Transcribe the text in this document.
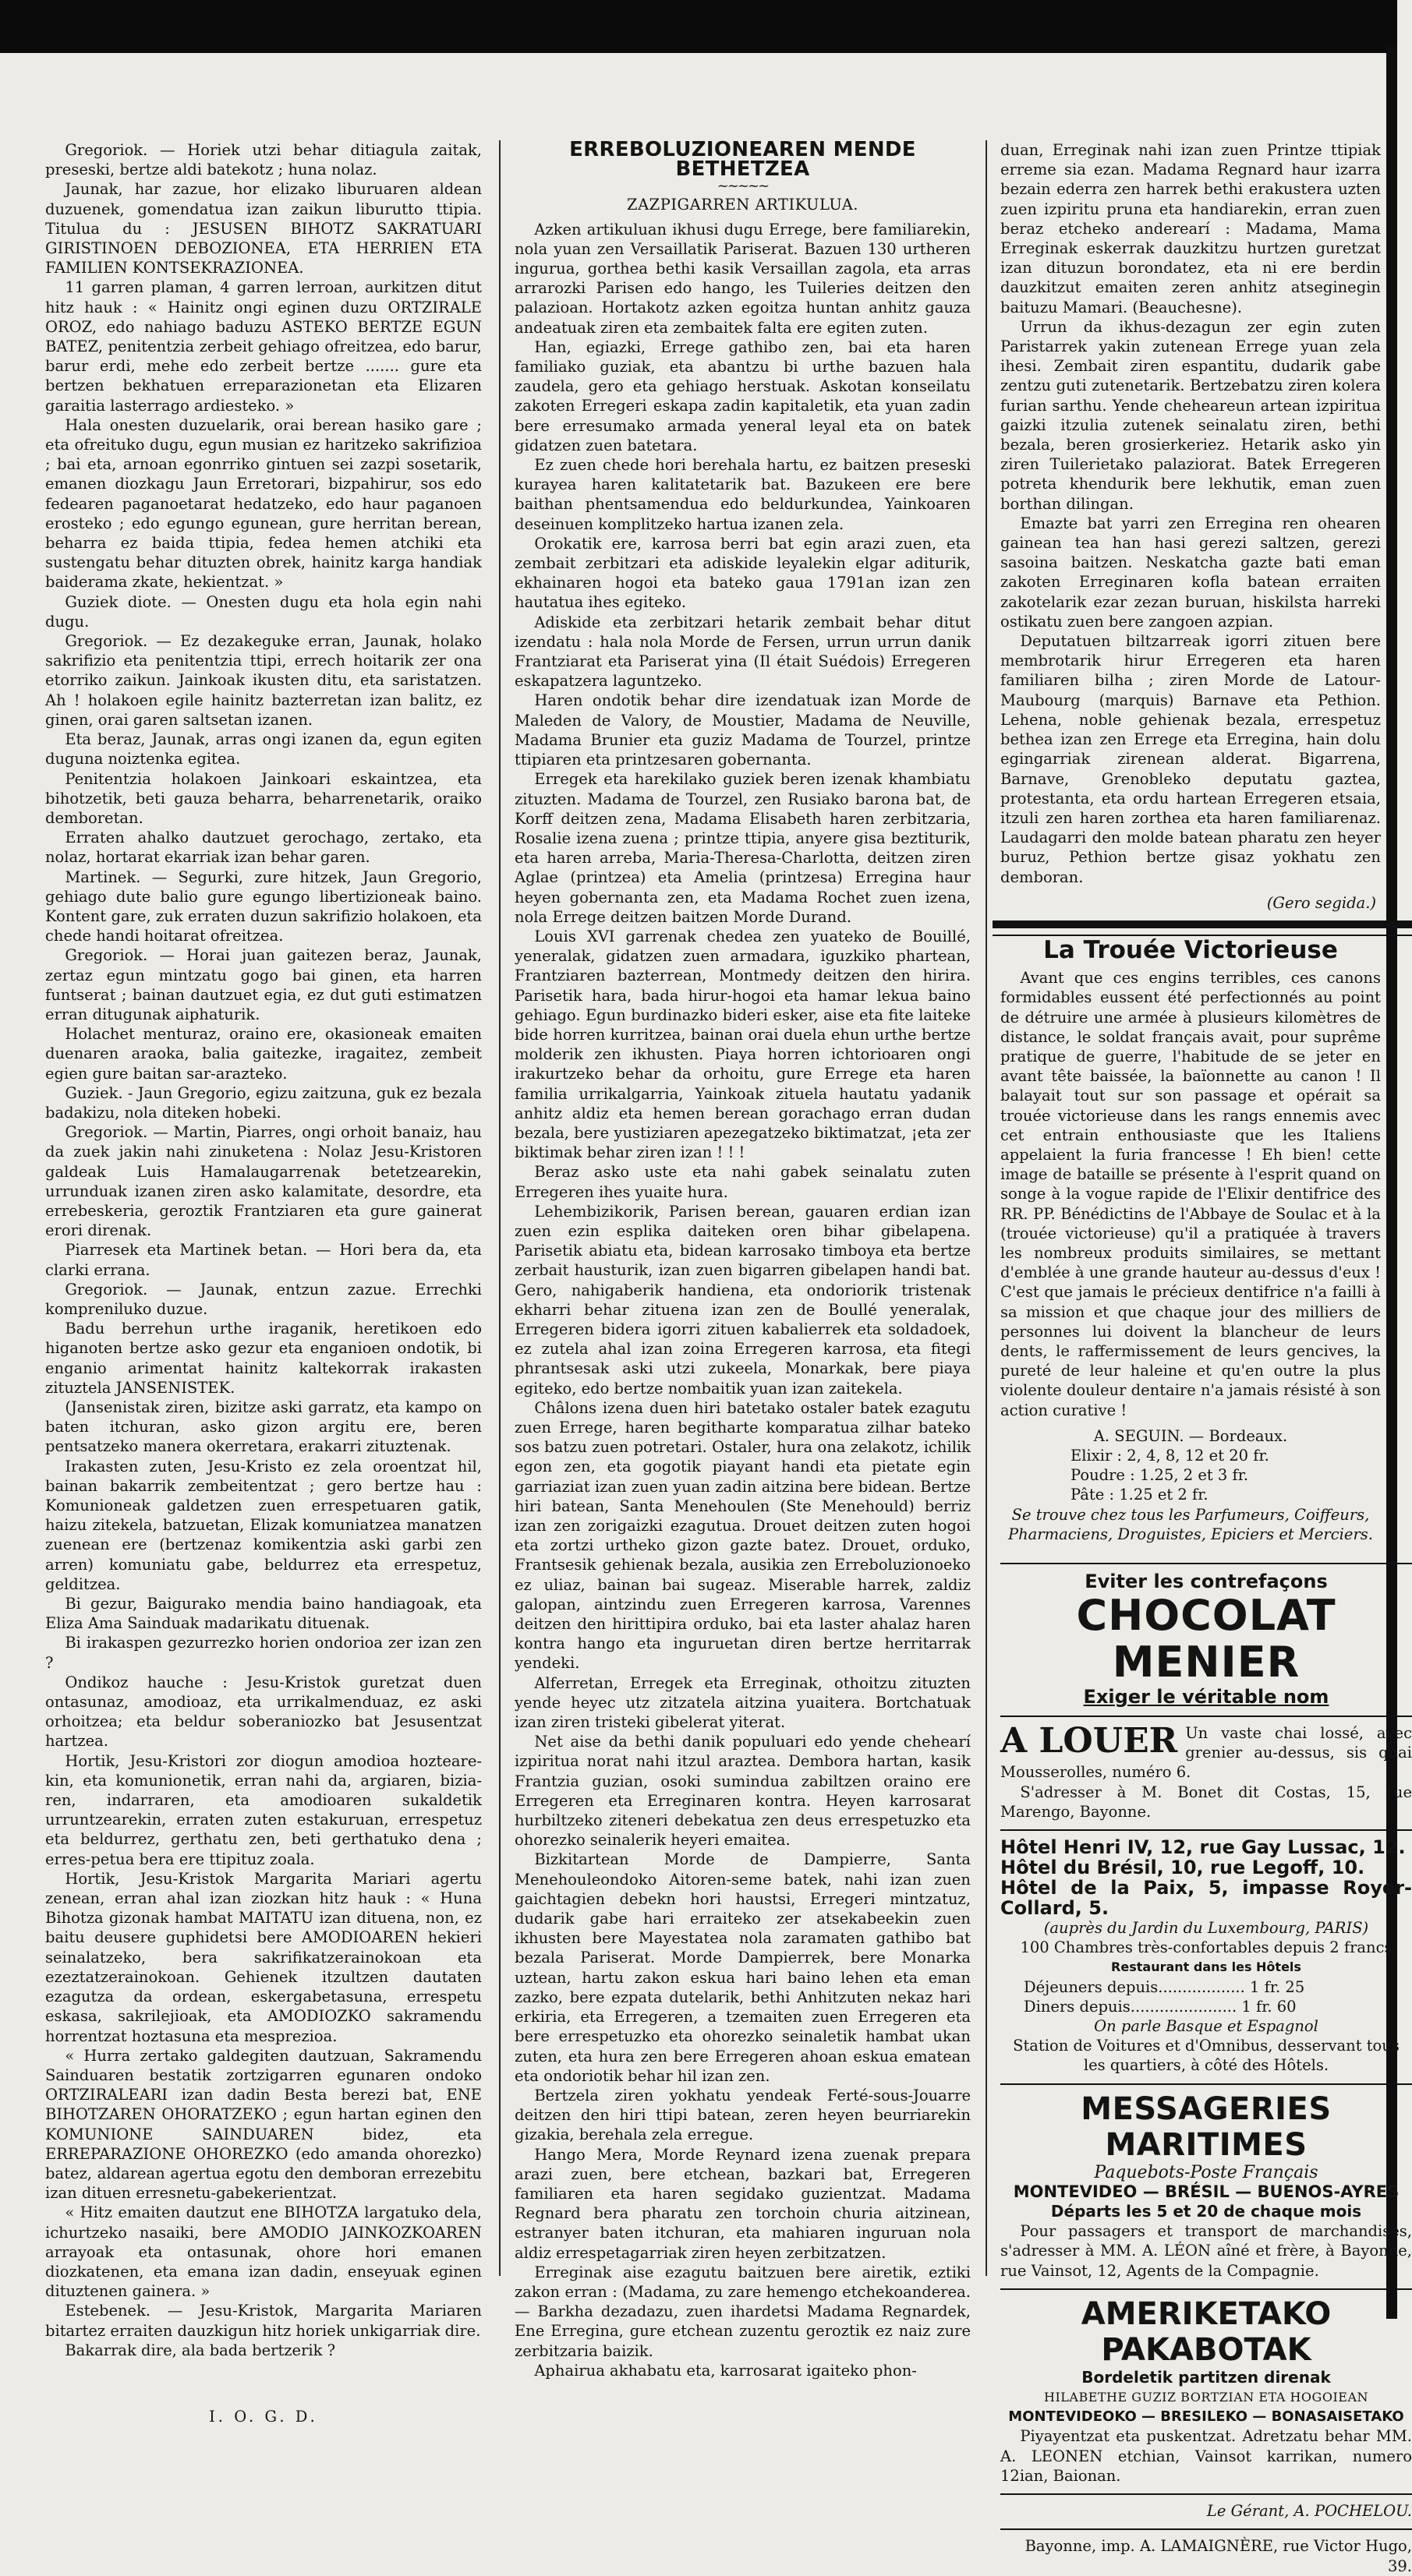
Gregoriok. — Horiek utzi behar ditiagula zaitak, preseski, bertze aldi batekotz ; huna nolaz.

Jaunak, har zazue, hor elizako liburuaren aldean duzuenek, gomendatua izan zaikun liburutto ttipia. Titulua du : JESUSEN BIHOTZ SAKRATUARI GIRISTINOEN DEBOZIONEA, ETA HERRIEN ETA FAMILIEN KONTSEKRAZIONEA.

11 garren plaman, 4 garren lerroan, aurkitzen ditut hitz hauk : « Hainitz ongi eginen duzu ORTZIRALE OROZ, edo nahiago baduzu ASTEKO BERTZE EGUN BATEZ, penitentzia zerbeit gehiago ofreitzea, edo barur, barur erdi, mehe edo zerbeit bertze ....... gure eta bertzen bekhatuen erreparazionetan eta Elizaren garaitia lasterrago ardiesteko. »

Hala onesten duzuelarik, orai berean hasiko gare ; eta ofreituko dugu, egun musian ez haritzeko sakrifizioa ; bai eta, arnoan egonrriko gintuen sei zazpi sosetarik, emanen diozkagu Jaun Erretorari, bizpahirur, sos edo fedearen paganoetarat hedatzeko, edo haur paganoen erosteko ; edo egungo egunean, gure herritan berean, beharra ez baida ttipia, fedea hemen atchiki eta sustengatu behar dituzten obrek, hainitz karga handiak baiderama zkate, hekientzat. »

Guziek diote. — Onesten dugu eta hola egin nahi dugu.

Gregoriok. — Ez dezakeguke erran, Jaunak, holako sakrifizio eta penitentzia ttipi, errech hoitarik zer ona etorriko zaikun. Jainkoak ikusten ditu, eta saristatzen. Ah ! holakoen egile hainitz bazterretan izan balitz, ez ginen, orai garen saltsetan izanen.

Eta beraz, Jaunak, arras ongi izanen da, egun egiten duguna noiztenka egitea.

Penitentzia holakoen Jainkoari eskaintzea, eta bihotzetik, beti gauza beharra, beharrenetarik, oraiko demboretan.

Erraten ahalko dautzuet gerochago, zertako, eta nolaz, hortarat ekarriak izan behar garen.

Martinek. — Segurki, zure hitzek, Jaun Gregorio, gehiago dute balio gure egungo libertizioneak baino. Kontent gare, zuk erraten duzun sakrifizio holakoen, eta chede handi hoitarat ofreitzea.

Gregoriok. — Horai juan gaitezen beraz, Jaunak, zertaz egun mintzatu gogo bai ginen, eta harren funtserat ; bainan dautzuet egia, ez dut guti estimatzen erran ditugunak aiphaturik.

Holachet menturaz, oraino ere, okasioneak emaiten duenaren araoka, balia gaitezke, iragaitez, zembeit egien gure baitan sar-arazteko.

Guziek. - Jaun Gregorio, egizu zaitzuna, guk ez bezala badakizu, nola diteken hobeki.

Gregoriok. — Martin, Piarres, ongi orhoit banaiz, hau da zuek jakin nahi zinuketena : Nolaz Jesu-Kristoren galdeak Luis Hamalaugarrenak betetzearekin, urrunduak izanen ziren asko kalamitate, desordre, eta errebeskeria, geroztik Frantziaren eta gure gainerat erori direnak.

Piarresek eta Martinek betan. — Hori bera da, eta clarki errana.

Gregoriok. — Jaunak, entzun zazue. Errechki kompreniluko duzue.

Badu berrehun urthe iraganik, heretikoen edo higanoten bertze asko gezur eta enganioen ondotik, bi enganio arimentat hainitz kaltekorrak irakasten zituztela JANSENISTEK.

(Jansenistak ziren, bizitze aski garratz, eta kampo on baten itchuran, asko gizon argitu ere, beren pentsatzeko manera okerretara, erakarri zituztenak.

Irakasten zuten, Jesu-Kristo ez zela oroentzat hil, bainan bakarrik zembeitentzat ; gero bertze hau : Komunioneak galdetzen zuen errespetuaren gatik, haizu zitekela, batzuetan, Elizak komuniatzea manatzen zuenean ere (bertzenaz komikentzia aski garbi zen arren) komuniatu gabe, beldurrez eta errespetuz, gelditzea.

Bi gezur, Baigurako mendia baino handiagoak, eta Eliza Ama Sainduak madarikatu dituenak.

Bi irakaspen gezurrezko horien ondorioa zer izan zen ?

Ondikoz hauche : Jesu-Kristok guretzat duen ontasunaz, amodioaz, eta urrikalmenduaz, ez aski orhoitzea; eta beldur soberaniozko bat Jesusentzat hartzea.

Hortik, Jesu-Kristori zor diogun amodioa hozteare-kin, eta komunionetik, erran nahi da, argiaren, bizia-ren, indarraren, eta amodioaren sukaldetik urruntzearekin, erraten zuten estakuruan, errespetuz eta beldurrez, gerthatu zen, beti gerthatuko dena ; erres-petua bera ere ttipituz zoala.

Hortik, Jesu-Kristok Margarita Mariari agertu zenean, erran ahal izan ziozkan hitz hauk : « Huna Bihotza gizonak hambat MAITATU izan dituena, non, ez baitu deusere guphidetsi bere AMODIOAREN hekieri seinalatzeko, bera sakrifikatzerainokoan eta ezeztatzerainokoan. Gehienek itzultzen dautaten ezagutza da ordean, eskergabetasuna, errespetu eskasa, sakrilejioak, eta AMODIOZKO sakramendu horrentzat hoztasuna eta mesprezioa.

« Hurra zertako galdegiten dautzuan, Sakramendu Sainduaren bestatik zortzigarren egunaren ondoko ORTZIRALEARI izan dadin Besta berezi bat, ENE BIHOTZAREN OHORATZEKO ; egun hartan eginen den KOMUNIONE SAINDUAREN bidez, eta ERREPARAZIONE OHOREZKO (edo amanda ohorezko) batez, aldarean agertua egotu den demboran errezebitu izan dituen erresnetu-gabekerientzat.

« Hitz emaiten dautzut ene BIHOTZA largatuko dela, ichurtzeko nasaiki, bere AMODIO JAINKOZKOAREN arrayoak eta ontasunak, ohore hori emanen diozkatenen, eta emana izan dadin, enseyuak eginen dituztenen gainera. »

Estebenek. — Jesu-Kristok, Margarita Mariaren bitartez erraiten dauzkigun hitz horiek unkigarriak dire.

Bakarrak dire, ala bada bertzerik ?

I. O. G. D.

ERREBOLUZIONEAREN MENDE BETHETZEA

~~~~~

ZAZPIGARREN ARTIKULUA.

Azken artikuluan ikhusi dugu Errege, bere familiarekin, nola yuan zen Versaillatik Pariserat. Bazuen 130 urtheren ingurua, gorthea bethi kasik Versaillan zagola, eta arras arrarozki Parisen edo hango, les Tuileries deitzen den palazioan. Hortakotz azken egoitza huntan anhitz gauza andeatuak ziren eta zembaitek falta ere egiten zuten.

Han, egiazki, Errege gathibo zen, bai eta haren familiako guziak, eta abantzu bi urthe bazuen hala zaudela, gero eta gehiago herstuak. Askotan konseilatu zakoten Erregeri eskapa zadin kapitaletik, eta yuan zadin bere erresumako armada yeneral leyal eta on batek gidatzen zuen batetara.

Ez zuen chede hori berehala hartu, ez baitzen preseski kurayea haren kalitatetarik bat. Bazukeen ere bere baithan phentsamendua edo beldurkundea, Yainkoaren deseinuen komplitzeko hartua izanen zela.

Orokatik ere, karrosa berri bat egin arazi zuen, eta zembait zerbitzari eta adiskide leyalekin elgar aditurik, ekhainaren hogoi eta bateko gaua 1791an izan zen hautatua ihes egiteko.

Adiskide eta zerbitzari hetarik zembait behar ditut izendatu : hala nola Morde de Fersen, urrun urrun danik Frantziarat eta Pariserat yina (Il était Suédois) Erregeren eskapatzera laguntzeko.

Haren ondotik behar dire izendatuak izan Morde de Maleden de Valory, de Moustier, Madama de Neuville, Madama Brunier eta guziz Madama de Tourzel, printze ttipiaren eta printzesaren gobernanta.

Erregek eta harekilako guziek beren izenak khambiatu zituzten. Madama de Tourzel, zen Rusiako barona bat, de Korff deitzen zena, Madama Elisabeth haren zerbitzaria, Rosalie izena zuena ; printze ttipia, anyere gisa beztiturik, eta haren arreba, Maria-Theresa-Charlotta, deitzen ziren Aglae (printzea) eta Amelia (printzesa) Erregina haur heyen gobernanta zen, eta Madama Rochet zuen izena, nola Errege deitzen baitzen Morde Durand.

Louis XVI garrenak chedea zen yuateko de Bouillé, yeneralak, gidatzen zuen armadara, iguzkiko phartean, Frantziaren bazterrean, Montmedy deitzen den hirira. Parisetik hara, bada hirur-hogoi eta hamar lekua baino gehiago. Egun burdinazko bideri esker, aise eta fite laiteke bide horren kurritzea, bainan orai duela ehun urthe bertze molderik zen ikhusten. Piaya horren ichtorioaren ongi irakurtzeko behar da orhoitu, gure Errege eta haren familia urrikalgarria, Yainkoak zituela hautatu yadanik anhitz aldiz eta hemen berean gorachago erran dudan bezala, bere yustiziaren apezegatzeko biktimatzat, ¡eta zer biktimak behar ziren izan ! ! !

Beraz asko uste eta nahi gabek seinalatu zuten Erregeren ihes yuaite hura.

Lehembizikorik, Parisen berean, gauaren erdian izan zuen ezin esplika daiteken oren bihar gibelapena. Parisetik abiatu eta, bidean karrosako timboya eta bertze zerbait hausturik, izan zuen bigarren gibelapen handi bat. Gero, nahigaberik handiena, eta ondoriorik tristenak ekharri behar zituena izan zen de Boullé yeneralak, Erregeren bidera igorri zituen kabalierrek eta soldadoek, ez zutela ahal izan zoina Erregeren karrosa, eta fitegi phrantsesak aski utzi zukeela, Monarkak, bere piaya egiteko, edo bertze nombaitik yuan izan zaitekela.

Châlons izena duen hiri batetako ostaler batek ezagutu zuen Errege, haren begitharte komparatua zilhar bateko sos batzu zuen potretari. Ostaler, hura ona zelakotz, ichilik egon zen, eta gogotik piayant handi eta pietate egin garriaziat izan zuen yuan zadin aitzina bere bidean. Bertze hiri batean, Santa Menehoulen (Ste Menehould) berriz izan zen zorigaizki ezagutua. Drouet deitzen zuten hogoi eta zortzi urtheko gizon gazte batez. Drouet, orduko, Frantsesik gehienak bezala, ausikia zen Erreboluzionoeko ez uliaz, bainan bai sugeaz. Miserable harrek, zaldiz galopan, aintzindu zuen Erregeren karrosa, Varennes deitzen den hirittipira orduko, bai eta laster ahalaz haren kontra hango eta inguruetan diren bertze herritarrak yendeki.

Alferretan, Erregek eta Erreginak, othoitzu zituzten yende heyec utz zitzatela aitzina yuaitera. Bortchatuak izan ziren tristeki gibelerat yiterat.

Net aise da bethi danik populuari edo yende chehearí izpiritua norat nahi itzul araztea. Dembora hartan, kasik Frantzia guzian, osoki sumindua zabiltzen oraino ere Erregeren eta Erreginaren kontra. Heyen karrosarat hurbiltzeko ziteneri debekatua zen deus errespetuzko eta ohorezko seinalerik heyeri emaitea.

Bizkitartean Morde de Dampierre, Santa Menehouleondoko Aitoren-seme batek, nahi izan zuen gaichtagien debekn hori haustsi, Erregeri mintzatuz, dudarik gabe hari erraiteko zer atsekabeekin zuen ikhusten bere Mayestatea nola zaramaten gathibo bat bezala Pariserat. Morde Dampierrek, bere Monarka uztean, hartu zakon eskua hari baino lehen eta eman zazko, bere ezpata dutelarik, bethi Anhitzuten nekaz hari erkiria, eta Erregeren, a tzemaiten zuen Erregeren eta bere errespetuzko eta ohorezko seinaletik hambat ukan zuten, eta hura zen bere Erregeren ahoan eskua ematean eta ondoriotik behar hil izan zen.

Bertzela ziren yokhatu yendeak Ferté-sous-Jouarre deitzen den hiri ttipi batean, zeren heyen beurriarekin gizakia, berehala zela erregue.

Hango Mera, Morde Reynard izena zuenak prepara arazi zuen, bere etchean, bazkari bat, Erregeren familiaren eta haren segidako guzientzat. Madama Regnard bera pharatu zen torchoin churia aitzinean, estranyer baten itchuran, eta mahiaren inguruan nola aldiz errespetagarriak ziren heyen zerbitzatzen.

Erreginak aise ezagutu baitzuen bere airetik, eztiki zakon erran : (Madama, zu zare hemengo etchekoanderea. — Barkha dezadazu, zuen ihardetsi Madama Regnardek, Ene Erregina, gure etchean zuzentu geroztik ez naiz zure zerbitzaria baizik.

Aphairua akhabatu eta, karrosarat igaiteko phon-

duan, Erreginak nahi izan zuen Printze ttipiak erreme sia ezan. Madama Regnard haur izarra bezain ederra zen harrek bethi erakustera uzten zuen izpiritu pruna eta handiarekin, erran zuen beraz etcheko anderearí : Madama, Mama Erreginak eskerrak dauzkitzu hurtzen guretzat izan dituzun borondatez, eta ni ere berdin dauzkitzut emaiten zeren anhitz atseginegin baituzu Mamari. (Beauchesne).

Urrun da ikhus-dezagun zer egin zuten Paristarrek yakin zutenean Errege yuan zela ihesi. Zembait ziren espantitu, dudarik gabe zentzu guti zutenetarik. Bertzebatzu ziren kolera furian sarthu. Yende cheheareun artean izpiritua gaizki itzulia zutenek seinalatu ziren, bethi bezala, beren grosierkeriez. Hetarik asko yin ziren Tuilerietako palaziorat. Batek Erregeren potreta khendurik bere lekhutik, eman zuen borthan dilingan.

Emazte bat yarri zen Erregina ren ohearen gainean tea han hasi gerezi saltzen, gerezi sasoina baitzen. Neskatcha gazte bati eman zakoten Erreginaren kofla batean erraiten zakotelarik ezar zezan buruan, hiskilsta harreki ostikatu zuen bere zangoen azpian.

Deputatuen biltzarreak igorri zituen bere membrotarik hirur Erregeren eta haren familiaren bilha ; ziren Morde de Latour-Maubourg (marquis) Barnave eta Pethion. Lehena, noble gehienak bezala, errespetuz bethea izan zen Errege eta Erregina, hain dolu egingarriak zirenean alderat. Bigarrena, Barnave, Grenobleko deputatu gaztea, protestanta, eta ordu hartean Erregeren etsaia, itzuli zen haren zorthea eta haren familiarenaz. Laudagarri den molde batean pharatu zen heyer buruz, Pethion bertze gisaz yokhatu zen demboran.

(Gero segida.)

La Trouée Victorieuse

Avant que ces engins terribles, ces canons formidables eussent été perfectionnés au point de détruire une armée à plusieurs kilomètres de distance, le soldat français avait, pour suprême pratique de guerre, l'habitude de se jeter en avant tête baissée, la baïonnette au canon ! Il balayait tout sur son passage et opérait sa trouée victorieuse dans les rangs ennemis avec cet entrain enthousiaste que les Italiens appelaient la furia francesse ! Eh bien! cette image de bataille se présente à l'esprit quand on songe à la vogue rapide de l'Elixir dentifrice des RR. PP. Bénédictins de l'Abbaye de Soulac et à la (trouée victorieuse) qu'il a pratiquée à travers les nombreux produits similaires, se mettant d'emblée à une grande hauteur au-dessus d'eux ! C'est que jamais le précieux dentifrice n'a failli à sa mission et que chaque jour des milliers de personnes lui doivent la blancheur de leurs dents, le raffermissement de leurs gencives, la pureté de leur haleine et qu'en outre la plus violente douleur dentaire n'a jamais résisté à son action curative !

A. SEGUIN. — Bordeaux.

Elixir : 2, 4, 8, 12 et 20 fr.
Poudre : 1.25, 2 et 3 fr.
Pâte : 1.25 et 2 fr.

Se trouve chez tous les Parfumeurs, Coiffeurs, Pharmaciens, Droguistes, Epiciers et Merciers.

Eviter les contrefaçons
CHOCOLAT
MENIER
Exiger le véritable nom
A LOUER Un vaste chai lossé, avec grenier au-dessus, sis quai Mousserolles, numéro 6.

S'adresser à M. Bonet dit Costas, 15, rue Marengo, Bayonne.

Hôtel Henri IV, 12, rue Gay Lussac, 12.
Hôtel du Brésil, 10, rue Legoff, 10.
Hôtel de la Paix, 5, impasse Royer-Collard, 5.
(auprès du Jardin du Luxembourg, PARIS)
100 Chambres très-confortables depuis 2 francs
Restaurant dans les Hôtels
Déjeuners depuis.................. 1 fr. 25
Diners depuis...................... 1 fr. 60
On parle Basque et Espagnol
Station de Voitures et d'Omnibus, desservant tous les quartiers, à côté des Hôtels.
MESSAGERIES MARITIMES
Paquebots-Poste Français
MONTEVIDEO — BRÉSIL — BUENOS-AYRES
Départs les 5 et 20 de chaque mois

Pour passagers et transport de marchandises, s'adresser à MM. A. LÉON aîné et frère, à Bayonne, rue Vainsot, 12, Agents de la Compagnie.

AMERIKETAKO PAKABOTAK
Bordeletik partitzen direnak
HILABETHE GUZIZ BORTZIAN ETA HOGOIEAN
MONTEVIDEOKO — BRESILEKO — BONASAISETAKO

Piyayentzat eta puskentzat. Adretzatu behar MM. A. LEONEN etchian, Vainsot karrikan, numero 12ian, Baionan.

Le Gérant, A. POCHELOU.
Bayonne, imp. A. LAMAIGNÈRE, rue Victor Hugo, 39.
